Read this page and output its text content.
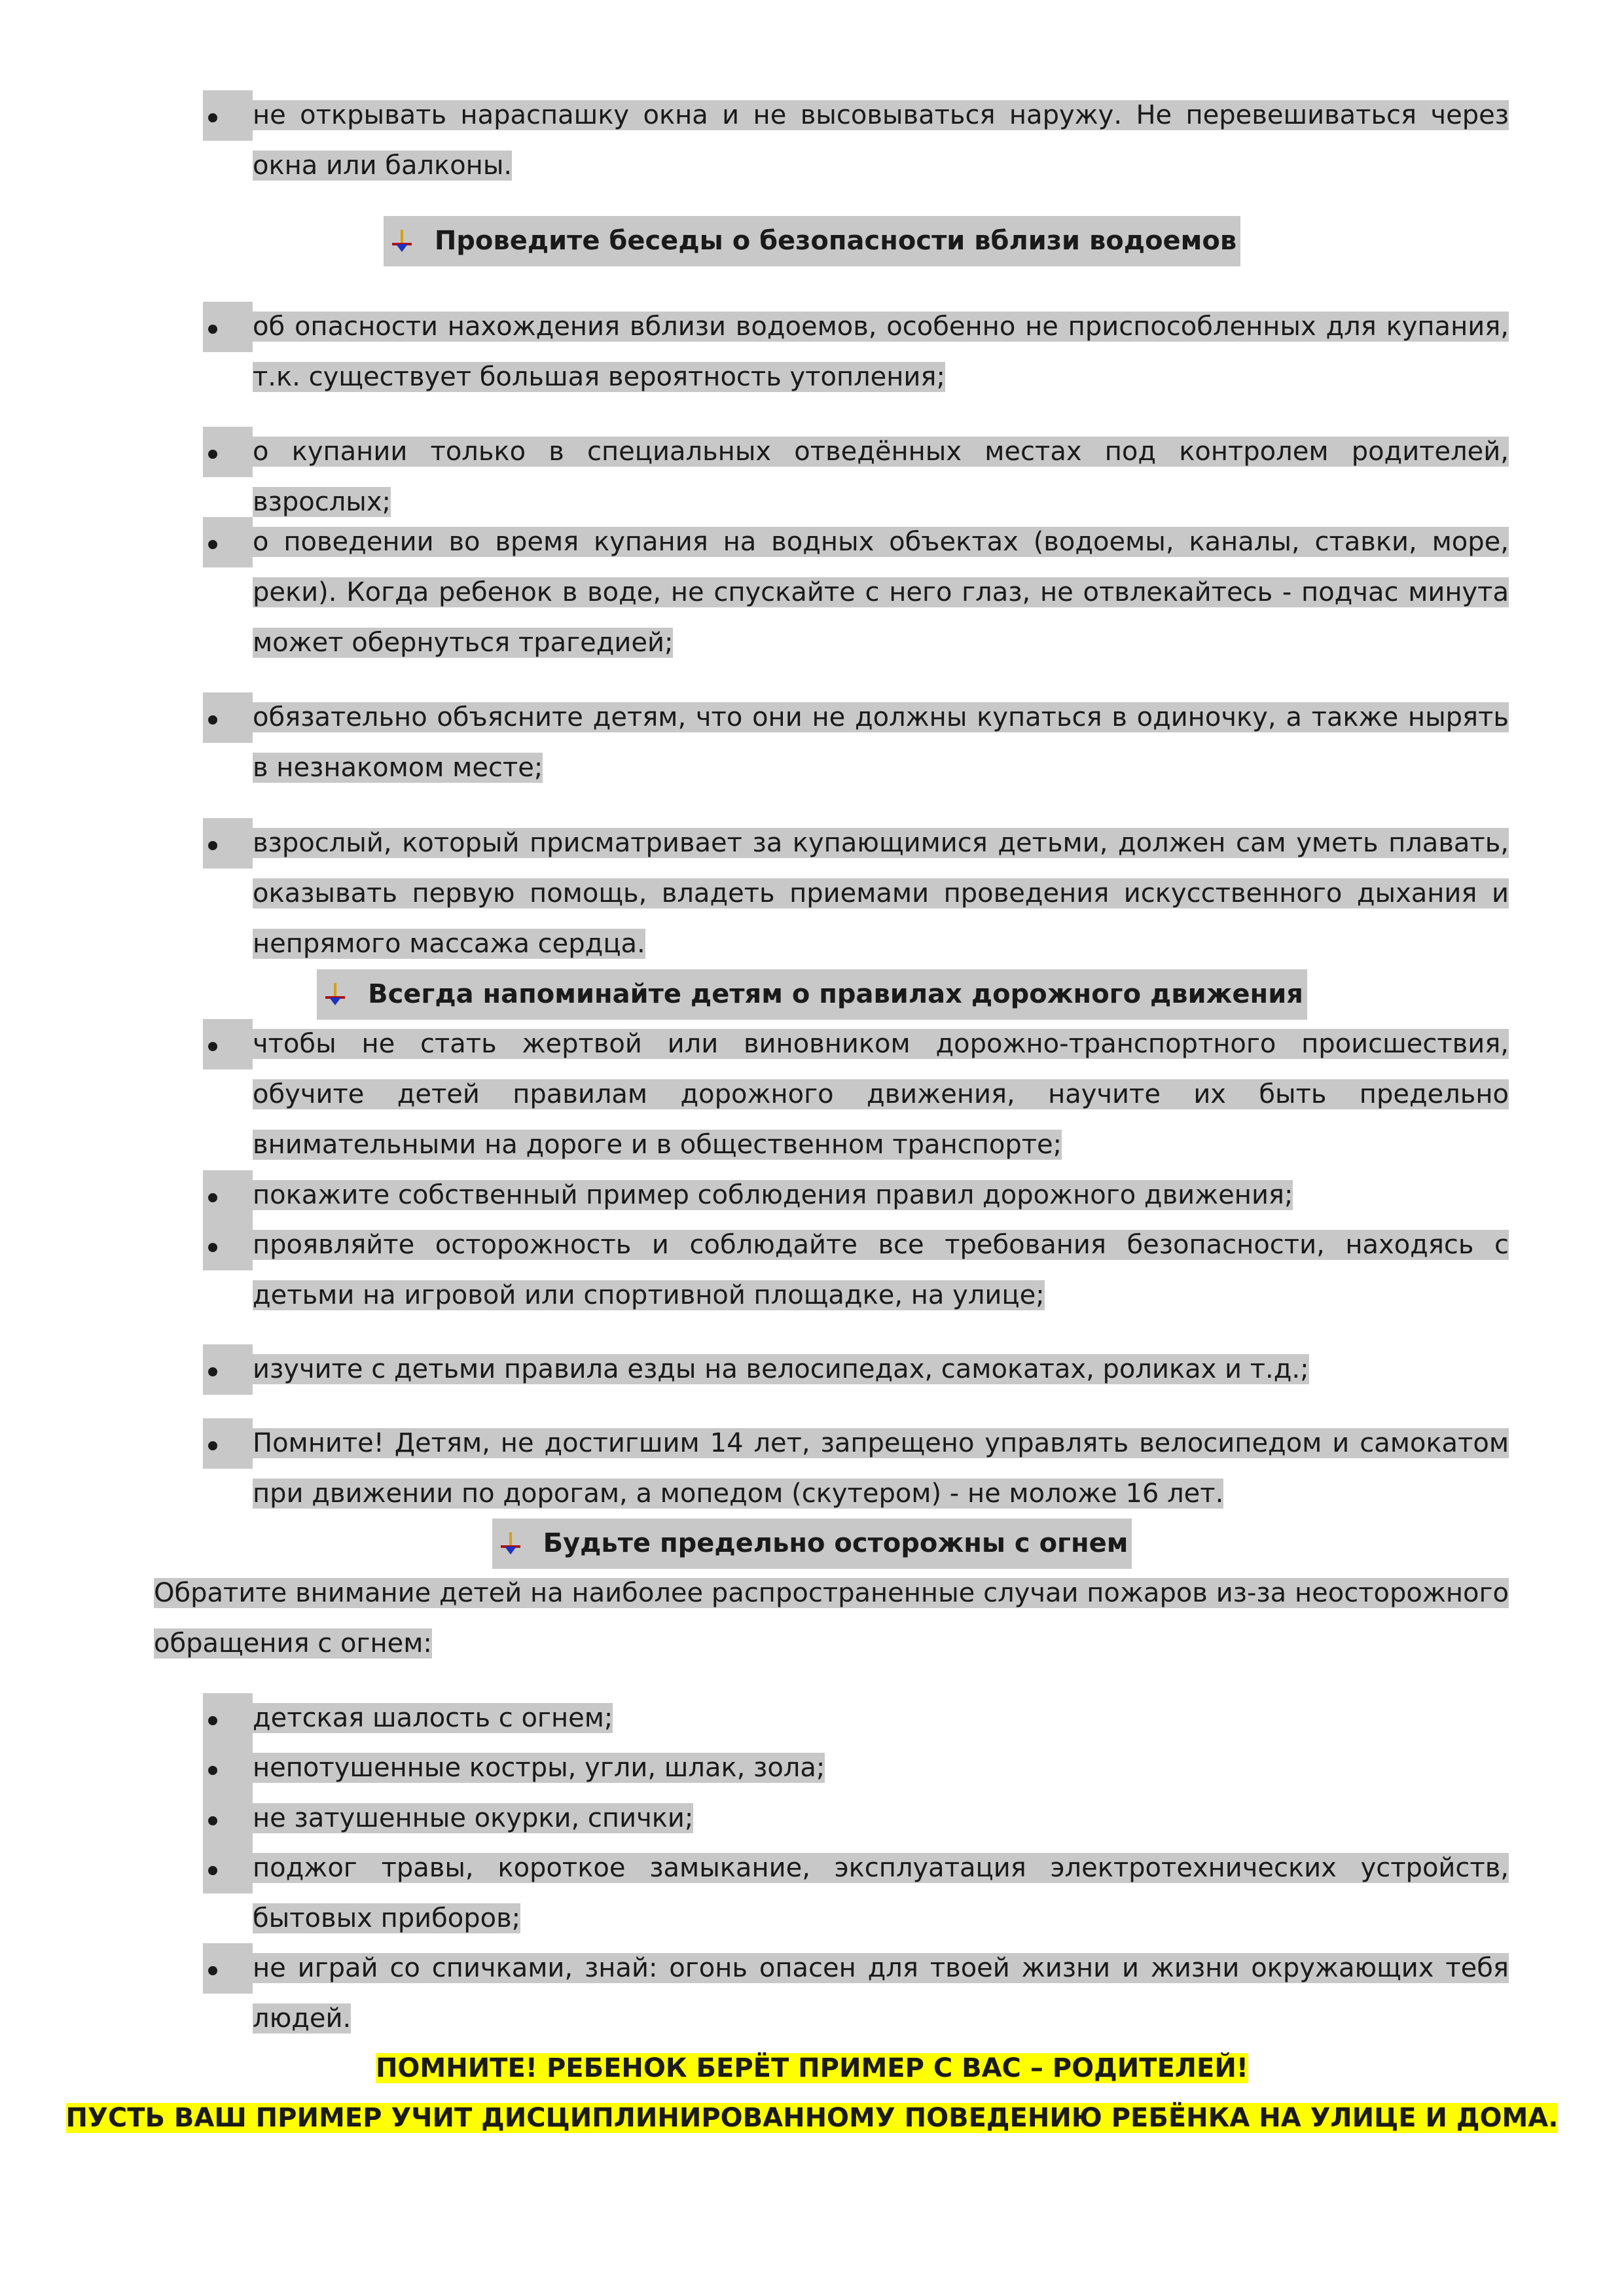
не открывать нараспашку окна и не высовываться наружу. Не перевешиваться через окна или балконы.
Проведите беседы о безопасности вблизи водоемов
об опасности нахождения вблизи водоемов, особенно не приспособленных для купания, т.к. существует большая вероятность утопления;
о купании только в специальных отведённых местах под контролем родителей, взрослых;
о поведении во время купания на водных объектах (водоемы, каналы, ставки, море, реки). Когда ребенок в воде, не спускайте с него глаз, не отвлекайтесь - подчас минута может обернуться трагедией;
обязательно объясните детям, что они не должны купаться в одиночку, а также нырять в незнакомом месте;
взрослый, который присматривает за купающимися детьми, должен сам уметь плавать, оказывать первую помощь, владеть приемами проведения искусственного дыхания и непрямого массажа сердца.
Всегда напоминайте детям о правилах дорожного движения
чтобы не стать жертвой или виновником дорожно-транспортного происшествия, обучите детей правилам дорожного движения, научите их быть предельно внимательными на дороге и в общественном транспорте;
покажите собственный пример соблюдения правил дорожного движения;
проявляйте осторожность и соблюдайте все требования безопасности, находясь с детьми на игровой или спортивной площадке, на улице;
изучите с детьми правила езды на велосипедах, самокатах, роликах и т.д.;
Помните! Детям, не достигшим 14 лет, запрещено управлять велосипедом и самокатом при движении по дорогам, а мопедом (скутером) - не моложе 16 лет.
Будьте предельно осторожны с огнем
Обратите внимание детей на наиболее распространенные случаи пожаров из-за неосторожного обращения с огнем:
детская шалость с огнем;
непотушенные костры, угли, шлак, зола;
не затушенные окурки, спички;
поджог травы, короткое замыкание, эксплуатация электротехнических устройств, бытовых приборов;
не играй со спичками, знай: огонь опасен для твоей жизни и жизни окружающих тебя людей.
ПОМНИТЕ! РЕБЕНОК БЕРЁТ ПРИМЕР С ВАС – РОДИТЕЛЕЙ!
ПУСТЬ ВАШ ПРИМЕР УЧИТ ДИСЦИПЛИНИРОВАННОМУ ПОВЕДЕНИЮ РЕБЁНКА НА УЛИЦЕ И ДОМА.
